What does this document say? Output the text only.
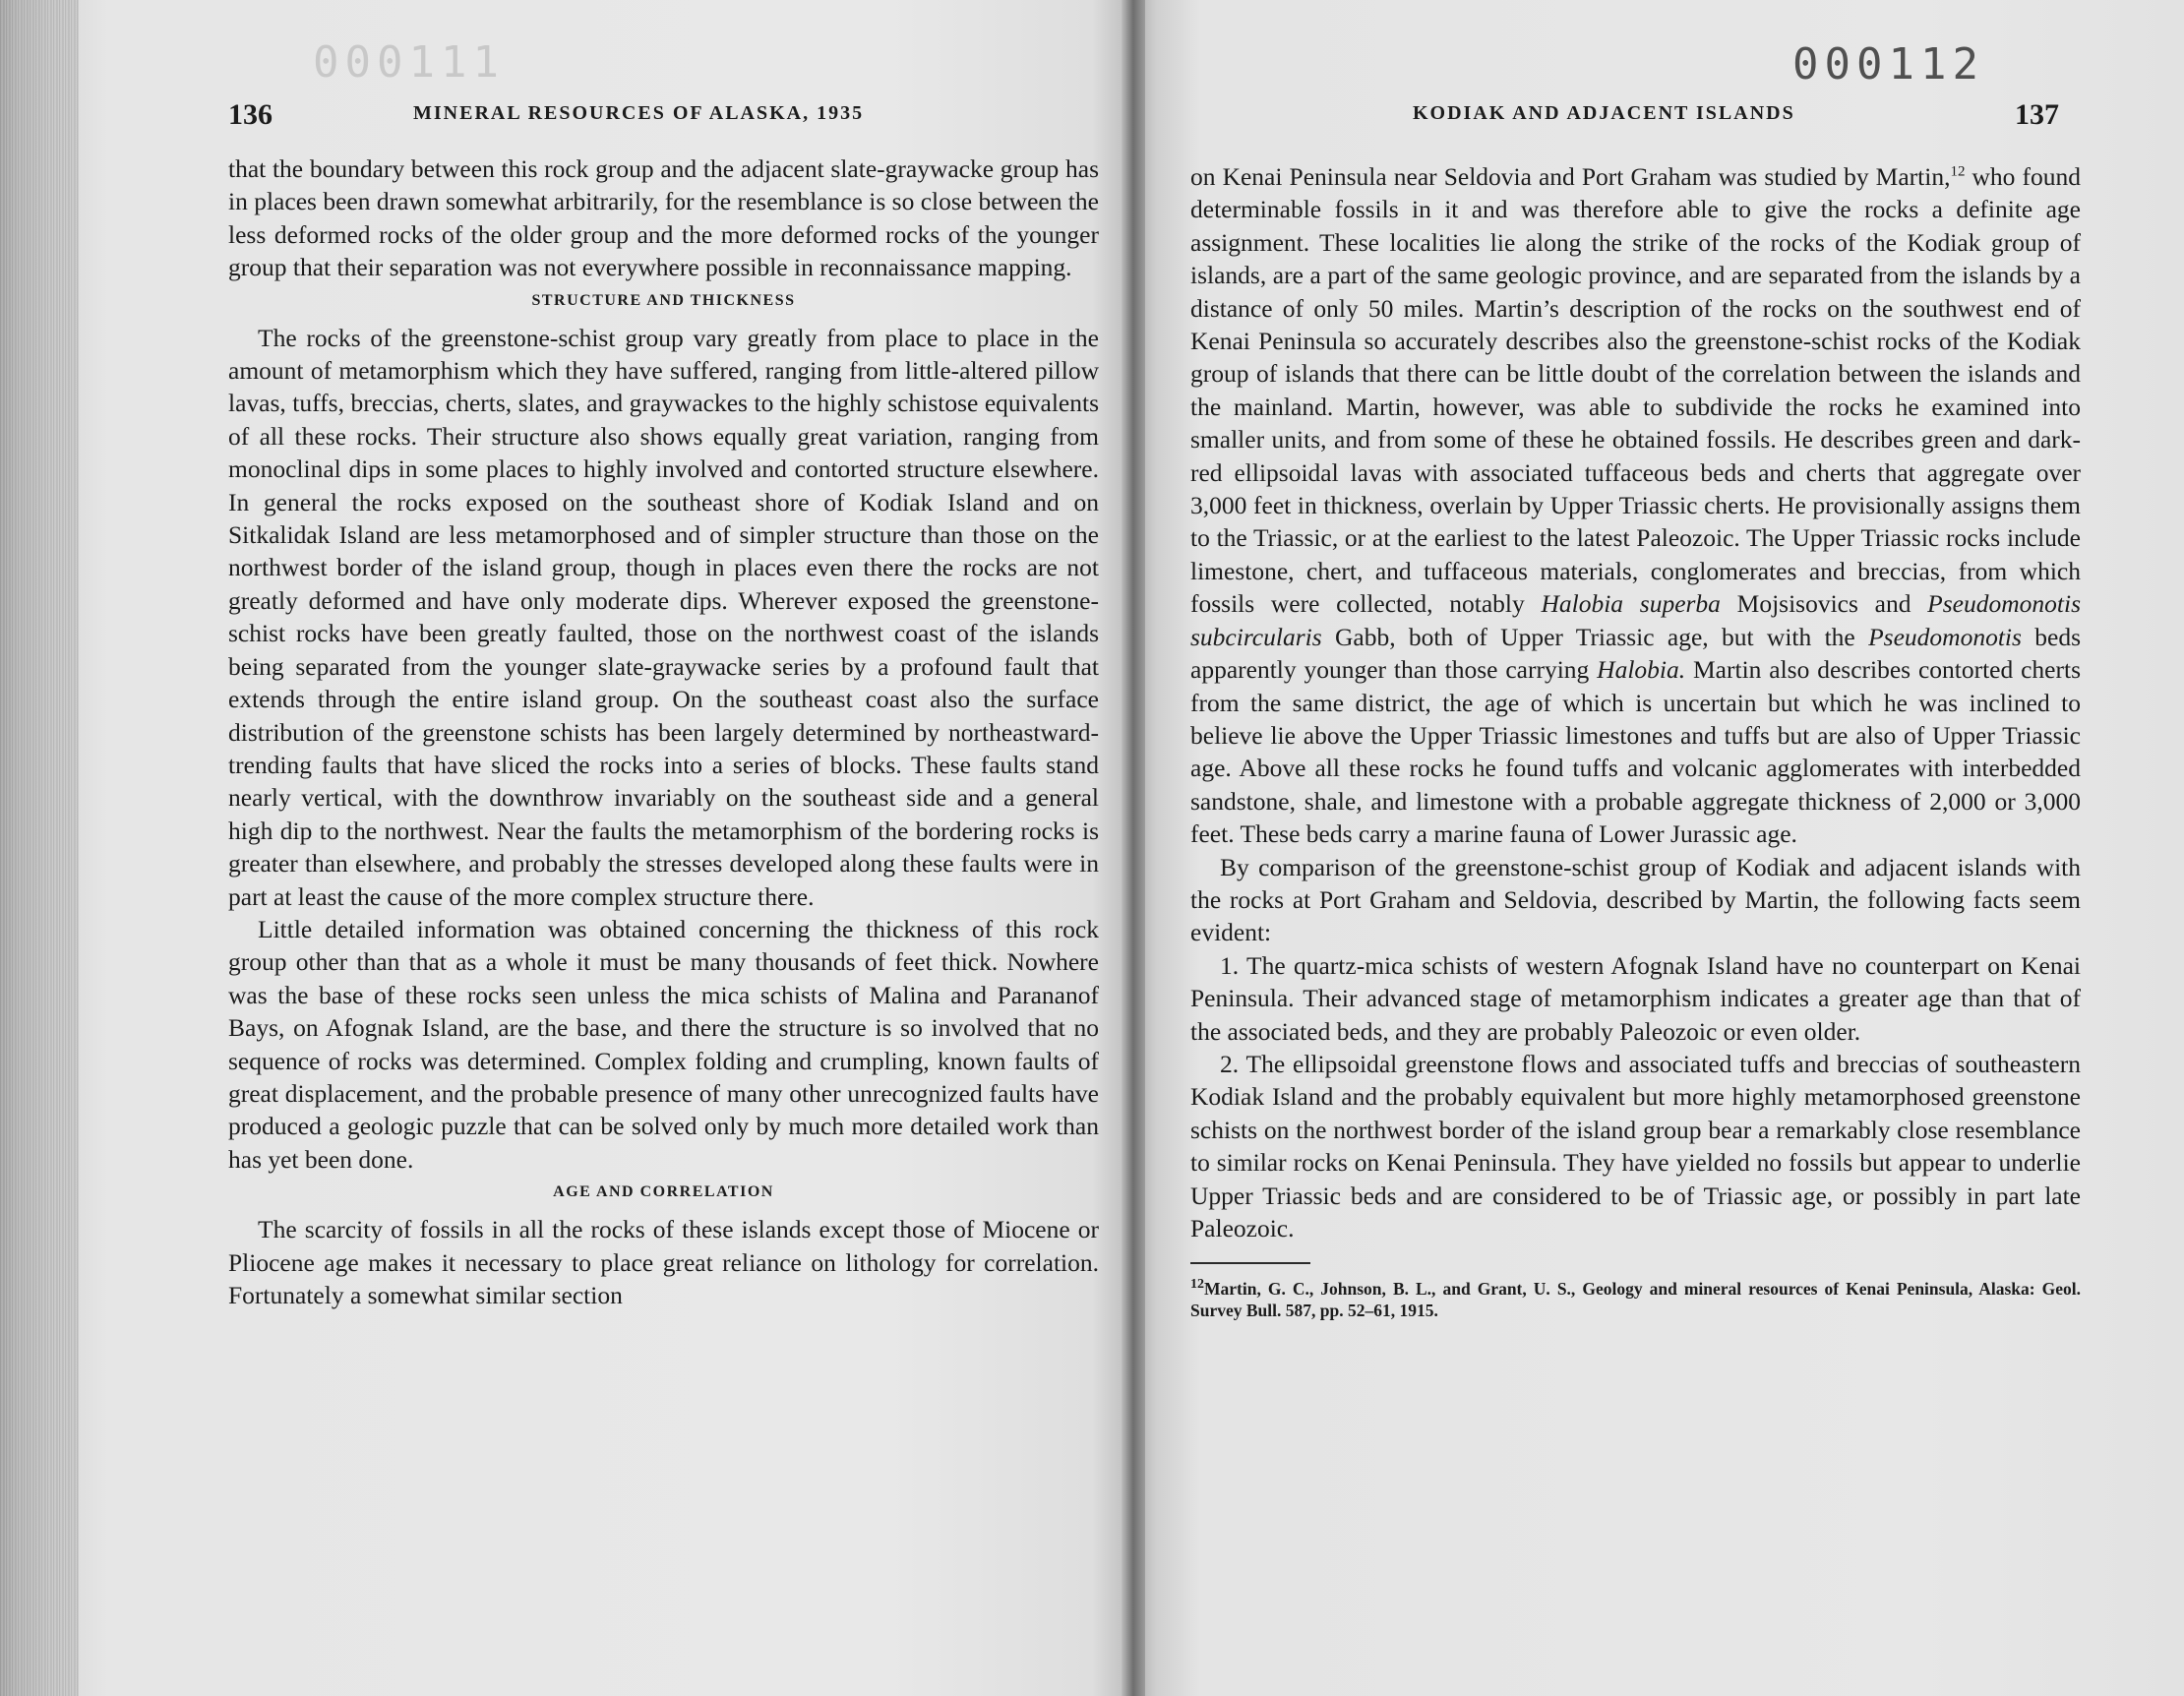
000111
136	MINERAL RESOURCES OF ALASKA, 1935

that the boundary between this rock group and the adjacent slate-graywacke group has in places been drawn somewhat arbitrarily, for the resemblance is so close between the less deformed rocks of the older group and the more deformed rocks of the younger group that their separation was not everywhere possible in reconnaissance mapping.

STRUCTURE AND THICKNESS

The rocks of the greenstone-schist group vary greatly from place to place in the amount of metamorphism which they have suffered, ranging from little-altered pillow lavas, tuffs, breccias, cherts, slates, and graywackes to the highly schistose equivalents of all these rocks. Their structure also shows equally great variation, ranging from monoclinal dips in some places to highly involved and contorted structure elsewhere. In general the rocks exposed on the southeast shore of Kodiak Island and on Sitkalidak Island are less metamorphosed and of simpler structure than those on the northwest border of the island group, though in places even there the rocks are not greatly deformed and have only moderate dips. Wherever exposed the greenstone-schist rocks have been greatly faulted, those on the northwest coast of the islands being separated from the younger slate-graywacke series by a profound fault that extends through the entire island group. On the southeast coast also the surface distribution of the greenstone schists has been largely determined by northeastward-trending faults that have sliced the rocks into a series of blocks. These faults stand nearly vertical, with the downthrow invariably on the southeast side and a general high dip to the northwest. Near the faults the metamorphism of the bordering rocks is greater than elsewhere, and probably the stresses developed along these faults were in part at least the cause of the more complex structure there.

Little detailed information was obtained concerning the thickness of this rock group other than that as a whole it must be many thousands of feet thick. Nowhere was the base of these rocks seen unless the mica schists of Malina and Parananof Bays, on Afognak Island, are the base, and there the structure is so involved that no sequence of rocks was determined. Complex folding and crumpling, known faults of great displacement, and the probable presence of many other unrecognized faults have produced a geologic puzzle that can be solved only by much more detailed work than has yet been done.

AGE AND CORRELATION

The scarcity of fossils in all the rocks of these islands except those of Miocene or Pliocene age makes it necessary to place great reliance on lithology for correlation. Fortunately a somewhat similar section

000112
KODIAK AND ADJACENT ISLANDS	137

on Kenai Peninsula near Seldovia and Port Graham was studied by Martin,$^{12}$ who found determinable fossils in it and was therefore able to give the rocks a definite age assignment. These localities lie along the strike of the rocks of the Kodiak group of islands, are a part of the same geologic province, and are separated from the islands by a distance of only 50 miles. Martin’s description of the rocks on the southwest end of Kenai Peninsula so accurately describes also the greenstone-schist rocks of the Kodiak group of islands that there can be little doubt of the correlation between the islands and the mainland. Martin, however, was able to subdivide the rocks he examined into smaller units, and from some of these he obtained fossils. He describes green and dark-red ellipsoidal lavas with associated tuffaceous beds and cherts that aggregate over 3,000 feet in thickness, overlain by Upper Triassic cherts. He provisionally assigns them to the Triassic, or at the earliest to the latest Paleozoic. The Upper Triassic rocks include limestone, chert, and tuffaceous materials, conglomerates and breccias, from which fossils were collected, notably Halobia superba Mojsisovics and Pseudomonotis subcircularis Gabb, both of Upper Triassic age, but with the Pseudomonotis beds apparently younger than those carrying Halobia. Martin also describes contorted cherts from the same district, the age of which is uncertain but which he was inclined to believe lie above the Upper Triassic limestones and tuffs but are also of Upper Triassic age. Above all these rocks he found tuffs and volcanic agglomerates with interbedded sandstone, shale, and limestone with a probable aggregate thickness of 2,000 or 3,000 feet. These beds carry a marine fauna of Lower Jurassic age.

By comparison of the greenstone-schist group of Kodiak and adjacent islands with the rocks at Port Graham and Seldovia, described by Martin, the following facts seem evident:

1. The quartz-mica schists of western Afognak Island have no counterpart on Kenai Peninsula. Their advanced stage of metamorphism indicates a greater age than that of the associated beds, and they are probably Paleozoic or even older.

2. The ellipsoidal greenstone flows and associated tuffs and breccias of southeastern Kodiak Island and the probably equivalent but more highly metamorphosed greenstone schists on the northwest border of the island group bear a remarkably close resemblance to similar rocks on Kenai Peninsula. They have yielded no fossils but appear to underlie Upper Triassic beds and are considered to be of Triassic age, or possibly in part late Paleozoic.

$^{12}$Martin, G. C., Johnson, B. L., and Grant, U. S., Geology and mineral resources of Kenai Peninsula, Alaska: Geol. Survey Bull. 587, pp. 52–61, 1915.
